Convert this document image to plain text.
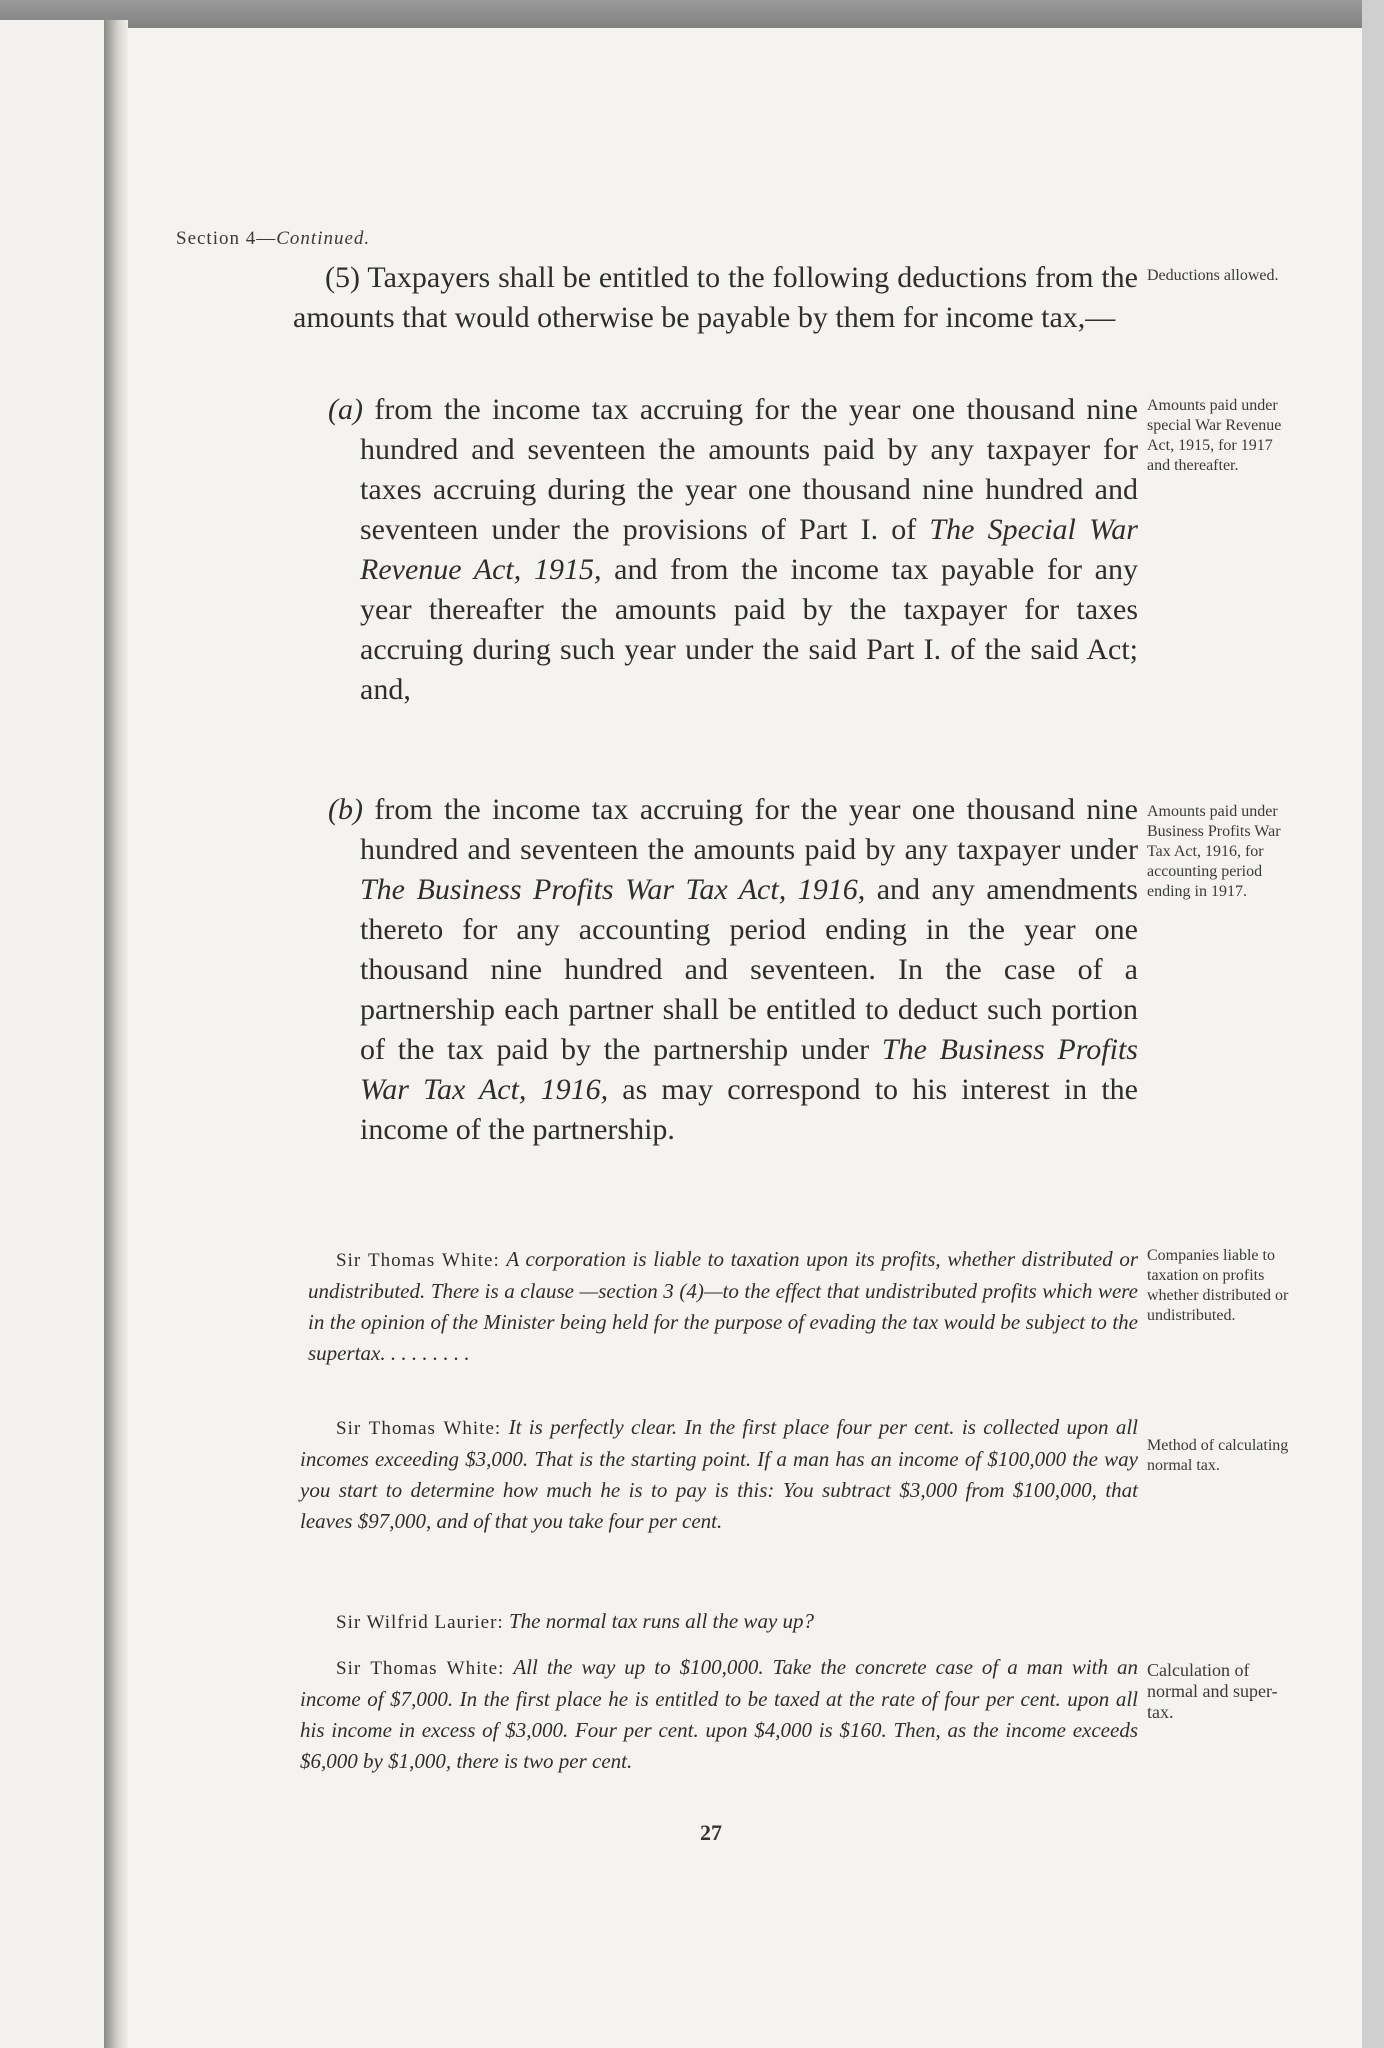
Section 4—Continued.
(5) Taxpayers shall be entitled to the following deductions from the amounts that would otherwise be payable by them for income tax,—
(a) from the income tax accruing for the year one thousand nine hundred and seventeen the amounts paid by any taxpayer for taxes accruing during the year one thousand nine hundred and seventeen under the provisions of Part I. of The Special War Revenue Act, 1915, and from the income tax payable for any year thereafter the amounts paid by the taxpayer for taxes accruing during such year under the said Part I. of the said Act; and,
(b) from the income tax accruing for the year one thousand nine hundred and seventeen the amounts paid by any taxpayer under The Business Profits War Tax Act, 1916, and any amendments thereto for any accounting period ending in the year one thousand nine hundred and seventeen. In the case of a partnership each partner shall be entitled to deduct such portion of the tax paid by the partnership under The Business Profits War Tax Act, 1916, as may correspond to his interest in the income of the partnership.
Deductions allowed.
Amounts paid under special War Revenue Act, 1915, for 1917 and thereafter.
Amounts paid under Business Profits War Tax Act, 1916, for accounting period ending in 1917.
Companies liable to taxation on profits whether distributed or undistributed.
Method of calculating normal tax.
Calculation of normal and super-tax.
Sir Thomas White: A corporation is liable to taxation upon its profits, whether distributed or undistributed. There is a clause —section 3 (4)—to the effect that undistributed profits which were in the opinion of the Minister being held for the purpose of evading the tax would be subject to the supertax. . . . . . . . .
Sir Thomas White: It is perfectly clear. In the first place four per cent. is collected upon all incomes exceeding $3,000. That is the starting point. If a man has an income of $100,000 the way you start to determine how much he is to pay is this: You subtract $3,000 from $100,000, that leaves $97,000, and of that you take four per cent.
Sir Wilfrid Laurier: The normal tax runs all the way up?
Sir Thomas White: All the way up to $100,000. Take the concrete case of a man with an income of $7,000. In the first place he is entitled to be taxed at the rate of four per cent. upon all his income in excess of $3,000. Four per cent. upon $4,000 is $160. Then, as the income exceeds $6,000 by $1,000, there is two per cent.
27
